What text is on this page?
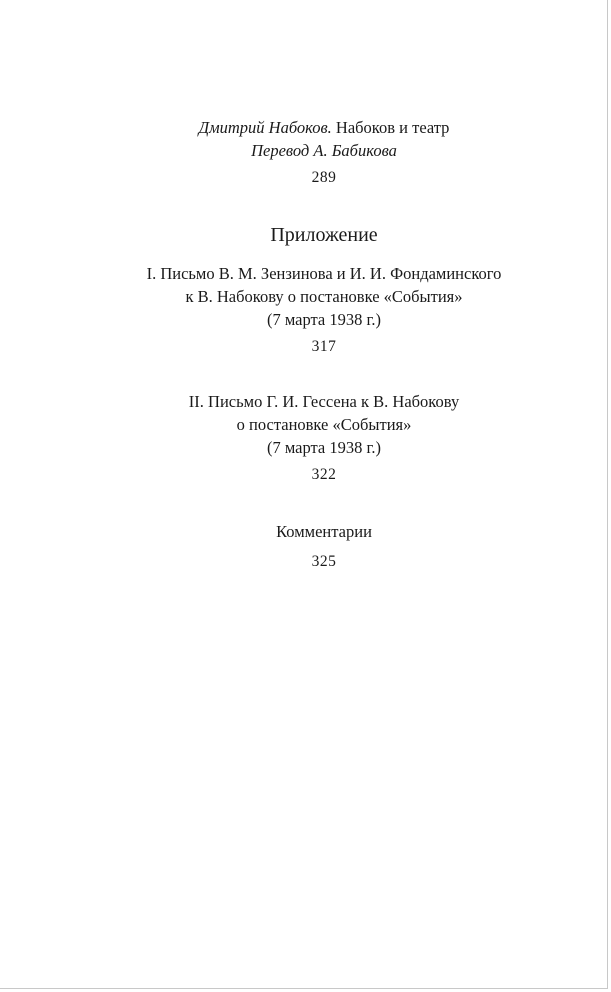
Дмитрий Набоков. Набоков и театр
Перевод А. Бабикова
289
Приложение
I. Письмо В. М. Зензинова и И. И. Фондаминского
к В. Набокову о постановке «События»
(7 марта 1938 г.)
317
II. Письмо Г. И. Гессена к В. Набокову
о постановке «События»
(7 марта 1938 г.)
322
Комментарии
325
